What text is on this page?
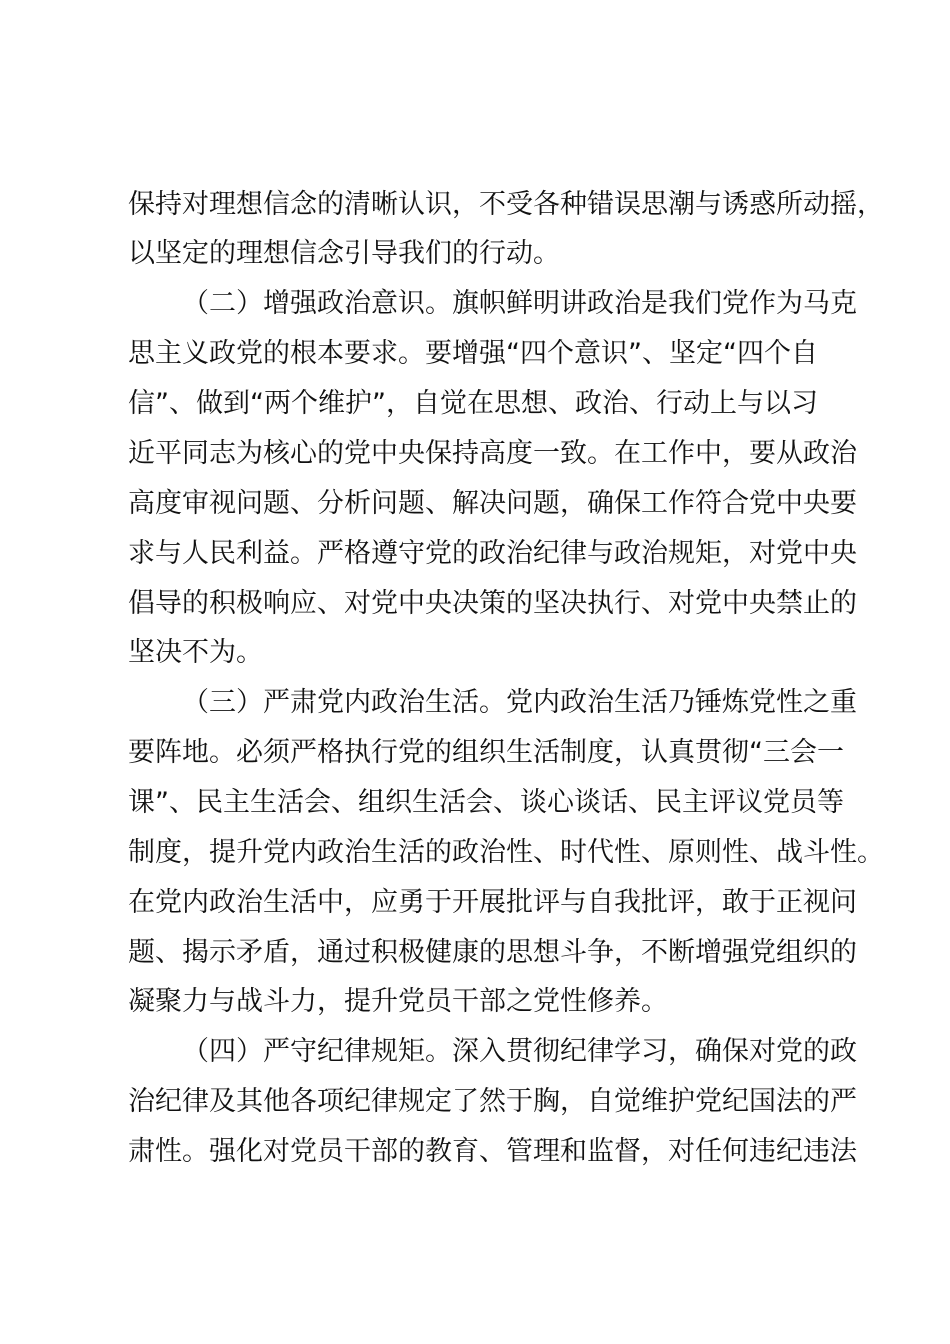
保持对理想信念的清晰认识，不受各种错误思潮与诱惑所动摇，

以坚定的理想信念引导我们的行动。

（二）增强政治意识。旗帜鲜明讲政治是我们党作为马克

思主义政党的根本要求。要增强“四个意识”、坚定“四个自

信”、做到“两个维护”，自觉在思想、政治、行动上与以习

近平同志为核心的党中央保持高度一致。在工作中，要从政治

高度审视问题、分析问题、解决问题，确保工作符合党中央要

求与人民利益。严格遵守党的政治纪律与政治规矩，对党中央

倡导的积极响应、对党中央决策的坚决执行、对党中央禁止的

坚决不为。

（三）严肃党内政治生活。党内政治生活乃锤炼党性之重

要阵地。必须严格执行党的组织生活制度，认真贯彻“三会一

课”、民主生活会、组织生活会、谈心谈话、民主评议党员等

制度，提升党内政治生活的政治性、时代性、原则性、战斗性。

在党内政治生活中，应勇于开展批评与自我批评，敢于正视问

题、揭示矛盾，通过积极健康的思想斗争，不断增强党组织的

凝聚力与战斗力，提升党员干部之党性修养。

（四）严守纪律规矩。深入贯彻纪律学习，确保对党的政

治纪律及其他各项纪律规定了然于胸，自觉维护党纪国法的严

肃性。强化对党员干部的教育、管理和监督，对任何违纪违法
